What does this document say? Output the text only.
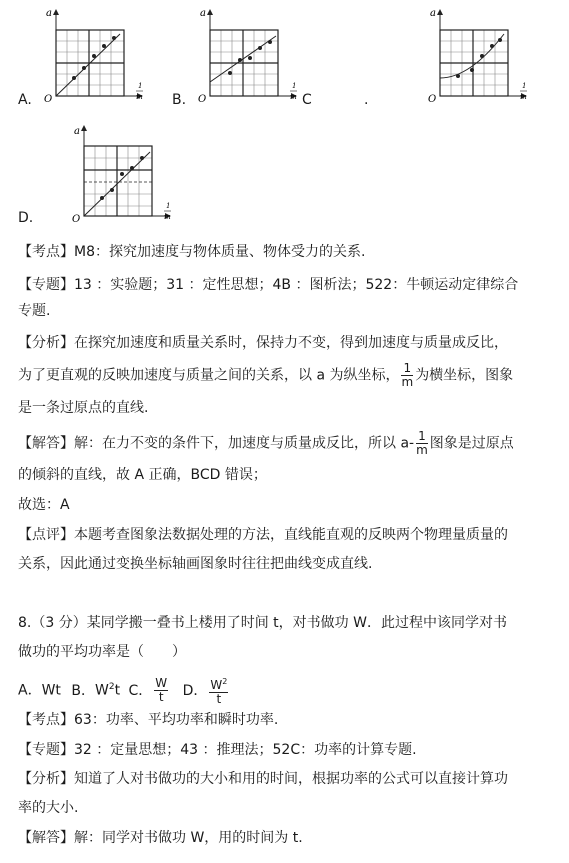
a
O
1
m
A.
a
O
1
m
B.	C	.
a
O
1
m
a
O
1
m
D.
【考点】M8：探究加速度与物体质量、物体受力的关系.
【专题】13 ：实验题；31 ：定性思想；4B ：图析法；522：牛顿运动定律综合
专题.
【分析】在探究加速度和质量关系时，保持力不变，得到加速度与质量成反比，
为了更直观的反映加速度与质量之间的关系，以 a 为纵坐标， $\frac{1}{m}$ 为横坐标，图象
是一条过原点的直线.
【解答】解：在力不变的条件下，加速度与质量成反比，所以 $a- \frac{1}{m}$ 图象是过原点
的倾斜的直线，故 A 正确，BCD 错误；
故选：A
【点评】本题考查图象法数据处理的方法，直线能直观的反映两个物理量质量的
关系，因此通过变换坐标轴画图象时往往把曲线变成直线.
8.（3 分）某同学搬一叠书上楼用了时间 t，对书做功 W．此过程中该同学对书
做功的平均功率是（　　）
A．Wt B．$W^2t$ C． $\frac{W}{t}$ D． $\frac{W^2}{t}$
【考点】63：功率、平均功率和瞬时功率.
【专题】32 ：定量思想；43 ：推理法；52C：功率的计算专题.
【分析】知道了人对书做功的大小和用的时间，根据功率的公式可以直接计算功
率的大小.
【解答】解：同学对书做功 W，用的时间为 t.
